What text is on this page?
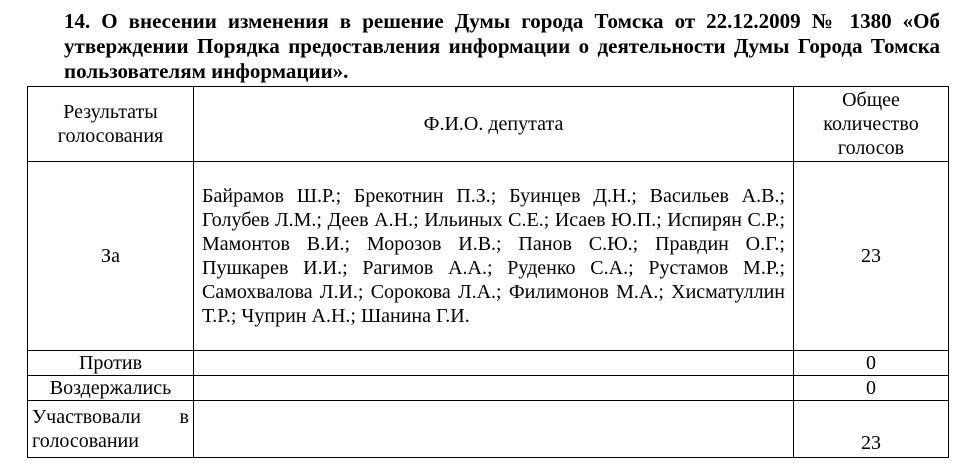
14. О внесении изменения в решение Думы города Томска от 22.12.2009 № 1380 «Об утверждении Порядка предоставления информации о деятельности Думы Города Томска пользователям информации».
Результаты голосования	Ф.И.О. депутата	Общее количество голосов
За	Байрамов Ш.Р.; Брекотнин П.З.; Буинцев Д.Н.; Васильев А.В.; Голубев Л.М.; Деев А.Н.; Ильиных С.Е.; Исаев Ю.П.; Испирян С.Р.; Мамонтов В.И.; Морозов И.В.; Панов С.Ю.; Правдин О.Г.; Пушкарев И.И.; Рагимов А.А.; Руденко С.А.; Рустамов М.Р.; Самохвалова Л.И.; Сорокова Л.А.; Филимонов М.А.; Хисматуллин Т.Р.; Чуприн А.Н.; Шанина Г.И.	23
Против		0
Воздержались		0
Участвовали в голосовании		23
